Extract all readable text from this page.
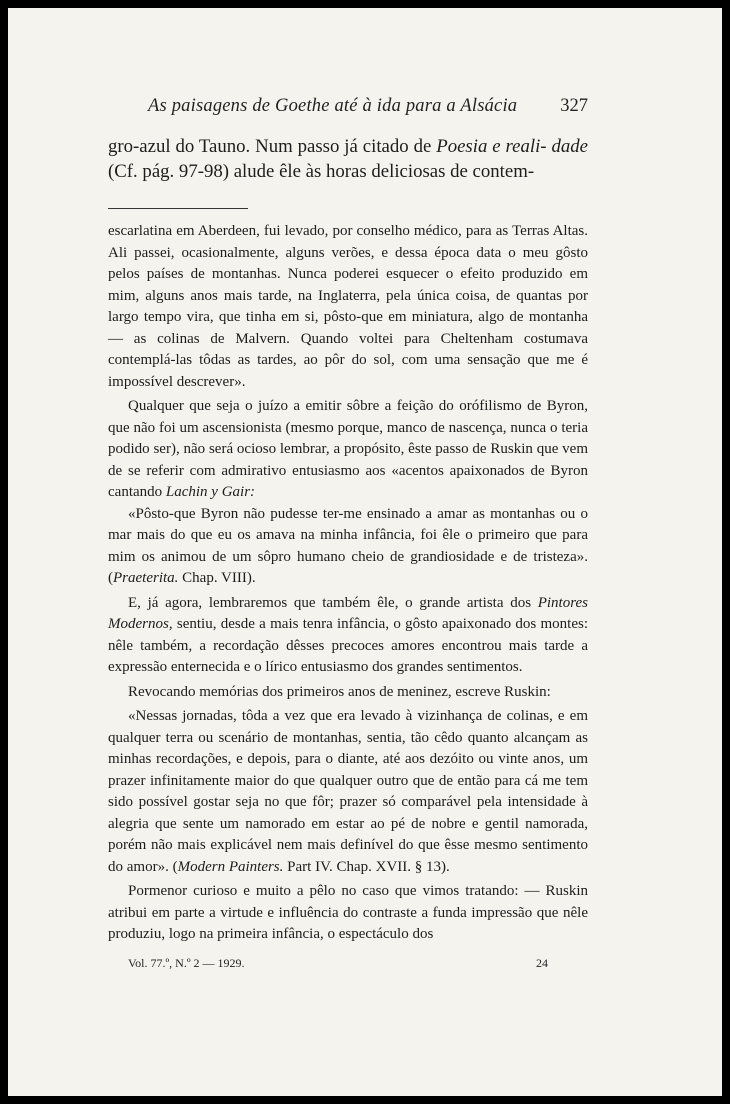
As paisagens de Goethe até à ida para a Alsácia 327
gro-azul do Tauno. Num passo já citado de Poesia e reali- dade (Cf. pág. 97-98) alude êle às horas deliciosas de contem-

escarlatina em Aberdeen, fui levado, por conselho médico, para as Terras Altas. Ali passei, ocasionalmente, alguns verões, e dessa época data o meu gôsto pelos países de montanhas. Nunca poderei esquecer o efeito produzido em mim, alguns anos mais tarde, na Inglaterra, pela única coisa, de quantas por largo tempo vira, que tinha em si, pôsto-que em miniatura, algo de montanha — as colinas de Malvern. Quando voltei para Cheltenham costumava contemplá-las tôdas as tardes, ao pôr do sol, com uma sensação que me é impossível descrever».

Qualquer que seja o juízo a emitir sôbre a feição do orófilismo de Byron, que não foi um ascensionista (mesmo porque, manco de nascença, nunca o teria podido ser), não será ocioso lembrar, a propósito, êste passo de Ruskin que vem de se referir com admirativo entusiasmo aos «acentos apaixonados de Byron cantando Lachin y Gair:

«Pôsto-que Byron não pudesse ter-me ensinado a amar as montanhas ou o mar mais do que eu os amava na minha infância, foi êle o primeiro que para mim os animou de um sôpro humano cheio de grandiosidade e de tristeza». (Praeterita. Chap. VIII).

E, já agora, lembraremos que também êle, o grande artista dos Pintores Modernos, sentiu, desde a mais tenra infância, o gôsto apaixonado dos montes: nêle também, a recordação dêsses precoces amores encontrou mais tarde a expressão enternecida e o lírico entusiasmo dos grandes sentimentos.

Revocando memórias dos primeiros anos de meninez, escreve Ruskin:

«Nessas jornadas, tôda a vez que era levado à vizinhança de colinas, e em qualquer terra ou scenário de montanhas, sentia, tão cêdo quanto alcançam as minhas recordações, e depois, para o diante, até aos dezóito ou vinte anos, um prazer infinitamente maior do que qualquer outro que de então para cá me tem sido possível gostar seja no que fôr; prazer só comparável pela intensidade à alegria que sente um namorado em estar ao pé de nobre e gentil namorada, porém não mais explicável nem mais definível do que êsse mesmo sentimento do amor». (Modern Painters. Part IV. Chap. XVII. § 13).

Pormenor curioso e muito a pêlo no caso que vimos tratando: — Ruskin atribui em parte a virtude e influência do contraste a funda impressão que nêle produziu, logo na primeira infância, o espectáculo dos

Vol. 77.º, N.º 2 — 1929.	24
